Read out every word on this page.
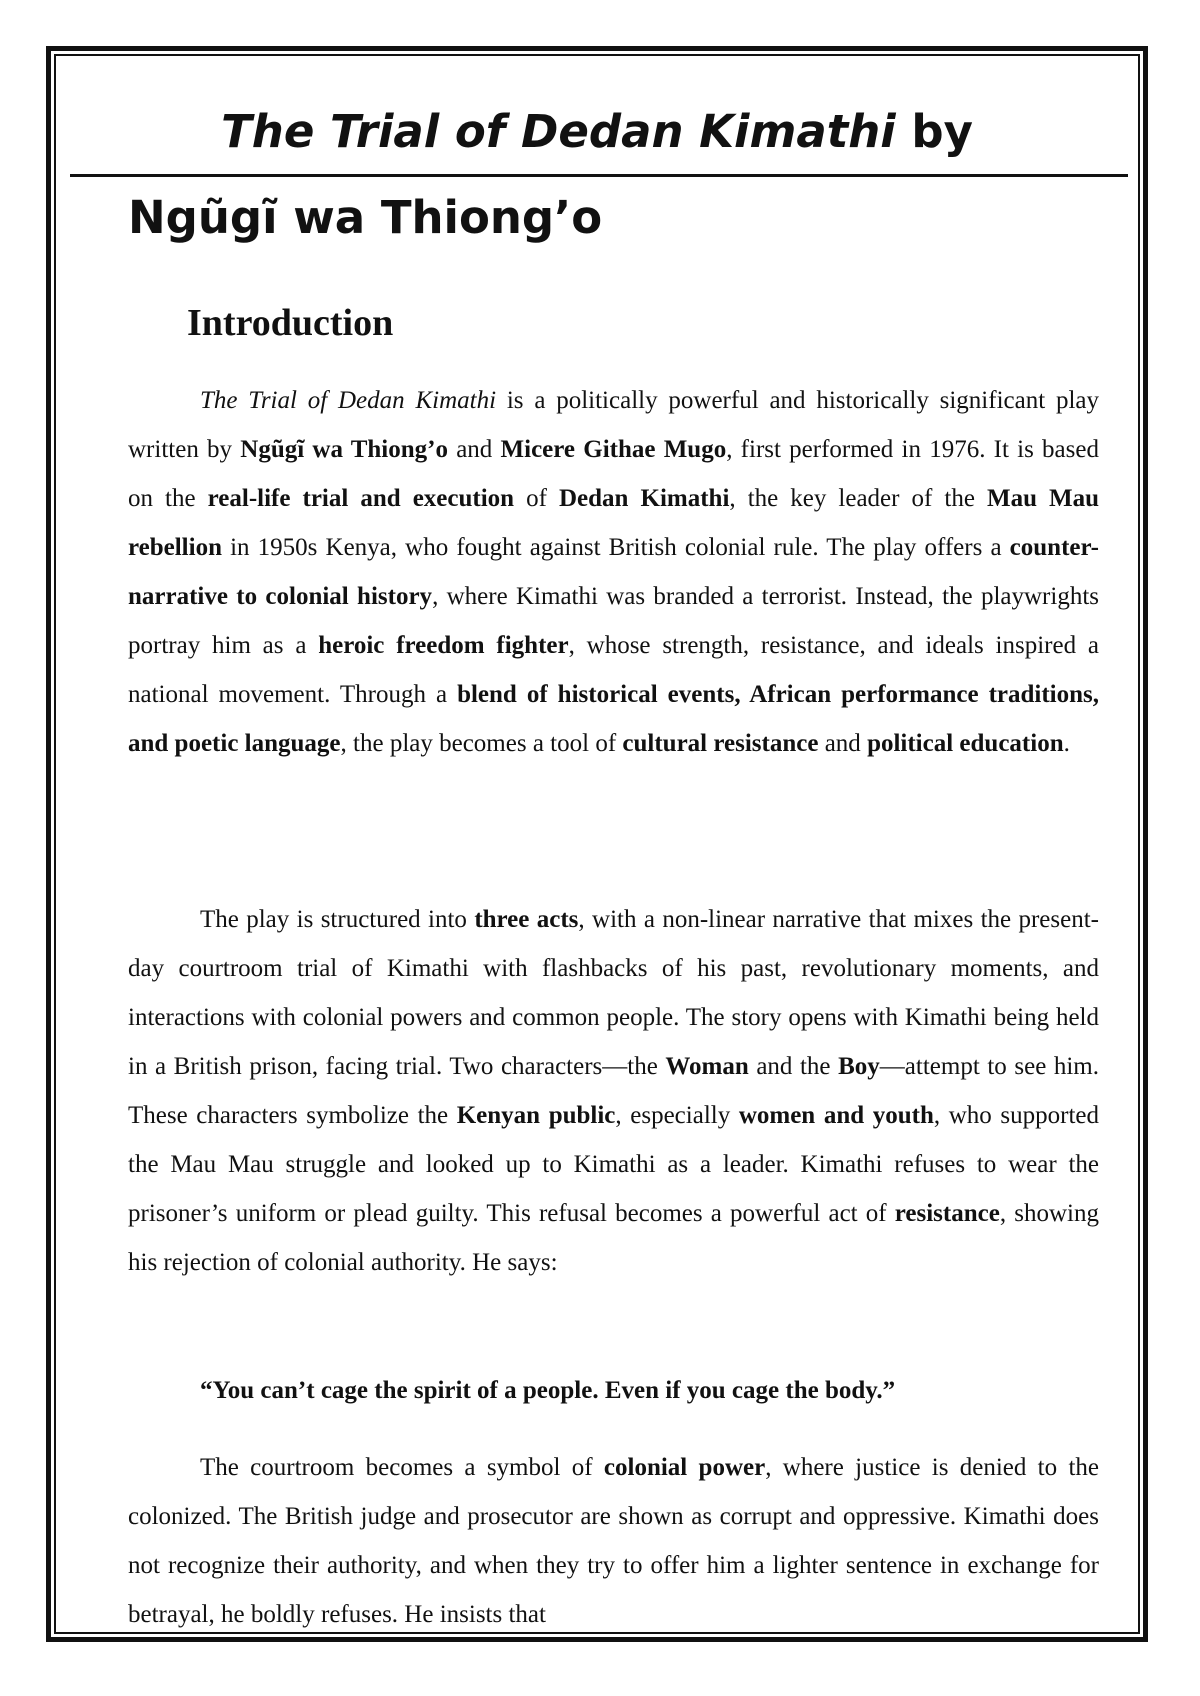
The Trial of Dedan Kimathi by
Ngũgĩ wa Thiong’o
Introduction

The Trial of Dedan Kimathi is a politically powerful and historically significant play written by Ngũgĩ wa Thiong’o and Micere Githae Mugo, first performed in 1976. It is based on the real-life trial and execution of Dedan Kimathi, the key leader of the Mau Mau rebellion in 1950s Kenya, who fought against British colonial rule. The play offers a counter-narrative to colonial history, where Kimathi was branded a terrorist. Instead, the playwrights portray him as a heroic freedom fighter, whose strength, resistance, and ideals inspired a national movement. Through a blend of historical events, African performance traditions, and poetic language, the play becomes a tool of cultural resistance and political education.

The play is structured into three acts, with a non-linear narrative that mixes the present-day courtroom trial of Kimathi with flashbacks of his past, revolutionary moments, and interactions with colonial powers and common people. The story opens with Kimathi being held in a British prison, facing trial. Two characters—the Woman and the Boy—attempt to see him. These characters symbolize the Kenyan public, especially women and youth, who supported the Mau Mau struggle and looked up to Kimathi as a leader. Kimathi refuses to wear the prisoner’s uniform or plead guilty. This refusal becomes a powerful act of resistance, showing his rejection of colonial authority. He says:

“You can’t cage the spirit of a people. Even if you cage the body.”

The courtroom becomes a symbol of colonial power, where justice is denied to the colonized. The British judge and prosecutor are shown as corrupt and oppressive. Kimathi does not recognize their authority, and when they try to offer him a lighter sentence in exchange for betrayal, he boldly refuses. He insists that
